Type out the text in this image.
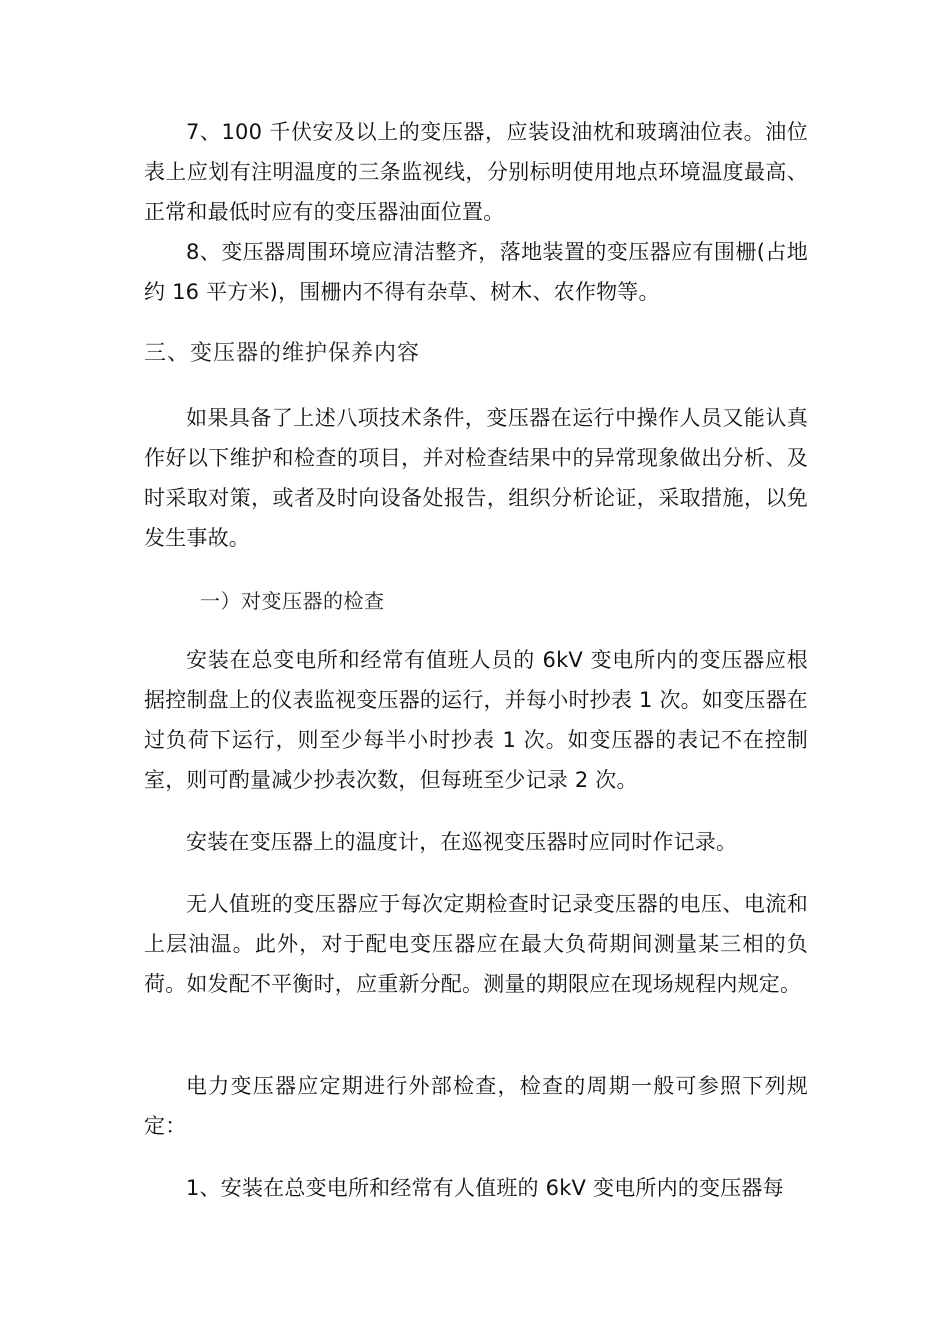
7、100 千伏安及以上的变压器，应装设油枕和玻璃油位表。油位表上应划有注明温度的三条监视线，分别标明使用地点环境温度最高、正常和最低时应有的变压器油面位置。

8、变压器周围环境应清洁整齐，落地装置的变压器应有围栅(占地约 16 平方米)，围栅内不得有杂草、树木、农作物等。

三、变压器的维护保养内容

如果具备了上述八项技术条件，变压器在运行中操作人员又能认真作好以下维护和检查的项目，并对检查结果中的异常现象做出分析、及时采取对策，或者及时向设备处报告，组织分析论证，采取措施，以免发生事故。

一）对变压器的检查

安装在总变电所和经常有值班人员的 6kV 变电所内的变压器应根据控制盘上的仪表监视变压器的运行，并每小时抄表 1 次。如变压器在过负荷下运行，则至少每半小时抄表 1 次。如变压器的表记不在控制室，则可酌量减少抄表次数，但每班至少记录 2 次。

安装在变压器上的温度计，在巡视变压器时应同时作记录。

无人值班的变压器应于每次定期检查时记录变压器的电压、电流和上层油温。此外，对于配电变压器应在最大负荷期间测量某三相的负荷。如发配不平衡时，应重新分配。测量的期限应在现场规程内规定。

电力变压器应定期进行外部检查，检查的周期一般可参照下列规定：

1、安装在总变电所和经常有人值班的 6kV 变电所内的变压器每
